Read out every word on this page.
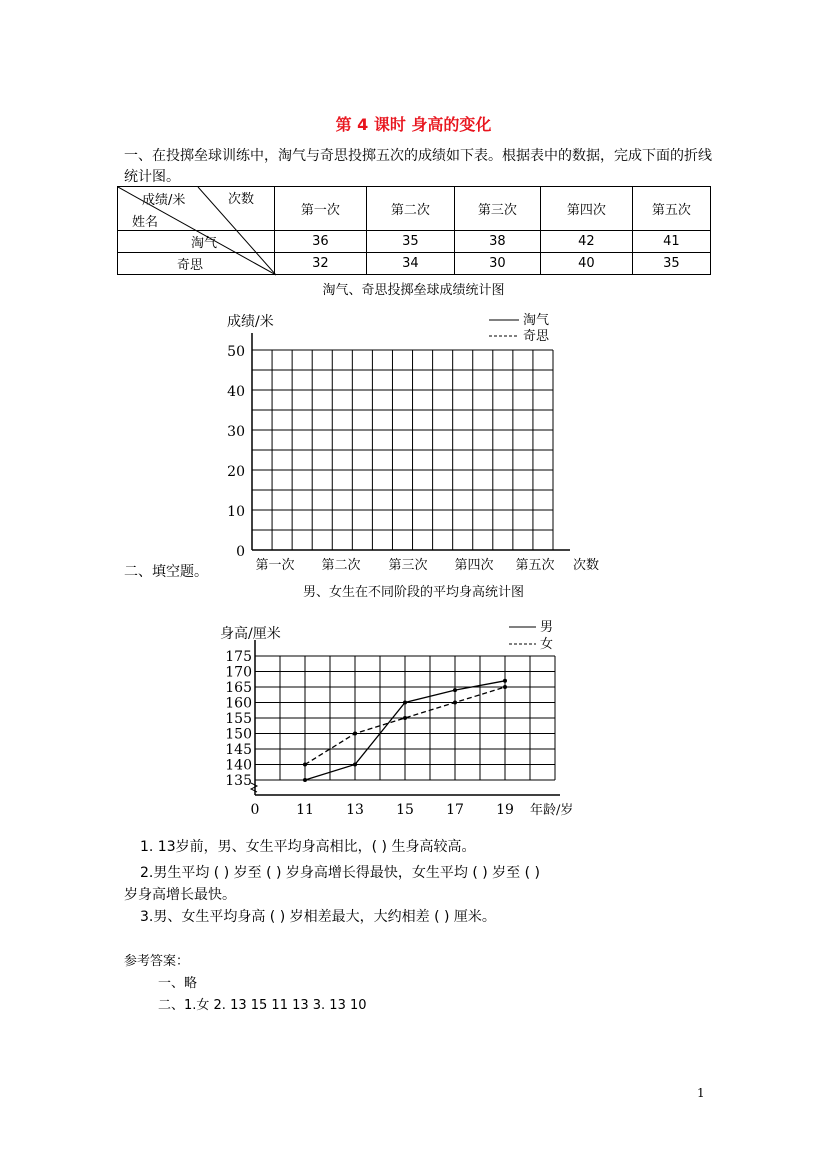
第 4 课时 身高的变化
一、在投掷垒球训练中，淘气与奇思投掷五次的成绩如下表。根据表中的数据，完成下面的折线统计图。
次数
成绩/米
姓名	第一次	第二次	第三次	第四次	第五次
淘气	36	35	38	42	41
奇思	32	34	30	40	35
淘气、奇思投掷垒球成绩统计图
成绩/米	淘气
奇思
50
40
30
20
10
0
第一次 第二次 第三次 第四次 第五次 次数
二、填空题。
男、女生在不同阶段的平均身高统计图
身高/厘米	男
女
135
140
145
150
155
160
165
170
175
0	11 13 15 17 19 年龄/岁
1. 13岁前，男、女生平均身高相比，( ) 生身高较高。
2.男生平均 ( ) 岁至 ( ) 岁身高增长得最快，女生平均 ( ) 岁至 ( )
岁身高增长最快。
3.男、女生平均身高 ( ) 岁相差最大，大约相差 ( ) 厘米。
参考答案：
一、略
二、1.女 2. 13 15 11 13 3. 13 10
1
